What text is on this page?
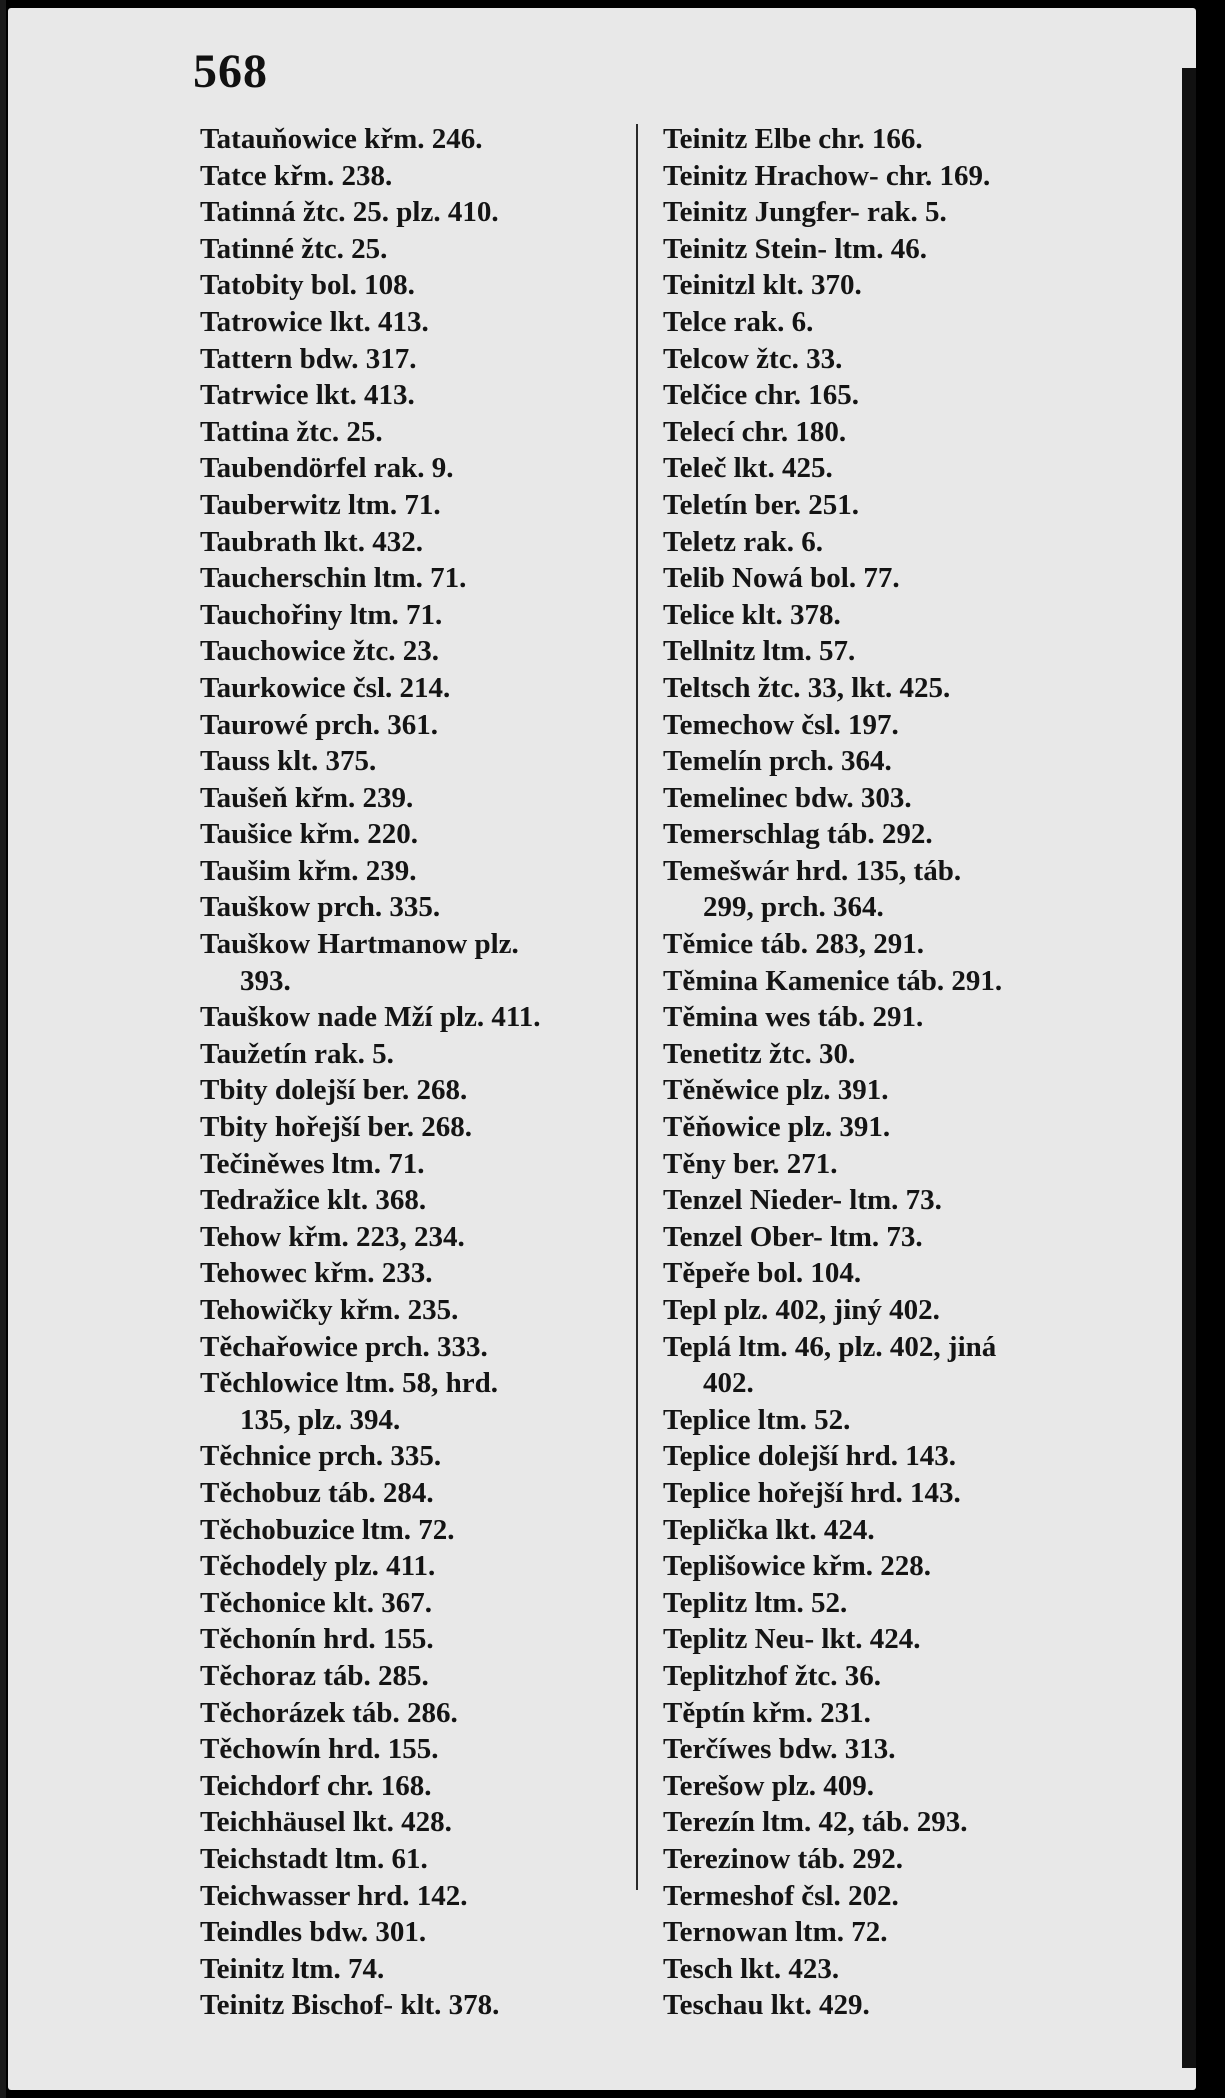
568
Tatauňowice křm. 246.
Tatce křm. 238.
Tatinná žtc. 25. plz. 410.
Tatinné žtc. 25.
Tatobity bol. 108.
Tatrowice lkt. 413.
Tattern bdw. 317.
Tatrwice lkt. 413.
Tattina žtc. 25.
Taubendörfel rak. 9.
Tauberwitz ltm. 71.
Taubrath lkt. 432.
Taucherschin ltm. 71.
Tauchořiny ltm. 71.
Tauchowice žtc. 23.
Taurkowice čsl. 214.
Taurowé prch. 361.
Tauss klt. 375.
Taušeň křm. 239.
Taušice křm. 220.
Taušim křm. 239.
Tauškow prch. 335.
Tauškow Hartmanow plz.
393.
Tauškow nade Mží plz. 411.
Taužetín rak. 5.
Tbity dolejší ber. 268.
Tbity hořejší ber. 268.
Tečiněwes ltm. 71.
Tedražice klt. 368.
Tehow křm. 223, 234.
Tehowec křm. 233.
Tehowičky křm. 235.
Těchařowice prch. 333.
Těchlowice ltm. 58, hrd.
135, plz. 394.
Těchnice prch. 335.
Těchobuz táb. 284.
Těchobuzice ltm. 72.
Těchodely plz. 411.
Těchonice klt. 367.
Těchonín hrd. 155.
Těchoraz táb. 285.
Těchorázek táb. 286.
Těchowín hrd. 155.
Teichdorf chr. 168.
Teichhäusel lkt. 428.
Teichstadt ltm. 61.
Teichwasser hrd. 142.
Teindles bdw. 301.
Teinitz ltm. 74.
Teinitz Bischof- klt. 378.
Teinitz Elbe chr. 166.
Teinitz Hrachow- chr. 169.
Teinitz Jungfer- rak. 5.
Teinitz Stein- ltm. 46.
Teinitzl klt. 370.
Telce rak. 6.
Telcow žtc. 33.
Telčice chr. 165.
Telecí chr. 180.
Teleč lkt. 425.
Teletín ber. 251.
Teletz rak. 6.
Telib Nowá bol. 77.
Telice klt. 378.
Tellnitz ltm. 57.
Teltsch žtc. 33, lkt. 425.
Temechow čsl. 197.
Temelín prch. 364.
Temelinec bdw. 303.
Temerschlag táb. 292.
Temešwár hrd. 135, táb.
299, prch. 364.
Těmice táb. 283, 291.
Těmina Kamenice táb. 291.
Těmina wes táb. 291.
Tenetitz žtc. 30.
Těněwice plz. 391.
Těňowice plz. 391.
Těny ber. 271.
Tenzel Nieder- ltm. 73.
Tenzel Ober- ltm. 73.
Těpeře bol. 104.
Tepl plz. 402, jiný 402.
Teplá ltm. 46, plz. 402, jiná
402.
Teplice ltm. 52.
Teplice dolejší hrd. 143.
Teplice hořejší hrd. 143.
Teplička lkt. 424.
Teplišowice křm. 228.
Teplitz ltm. 52.
Teplitz Neu- lkt. 424.
Teplitzhof žtc. 36.
Těptín křm. 231.
Terčíwes bdw. 313.
Terešow plz. 409.
Terezín ltm. 42, táb. 293.
Terezinow táb. 292.
Termeshof čsl. 202.
Ternowan ltm. 72.
Tesch lkt. 423.
Teschau lkt. 429.
